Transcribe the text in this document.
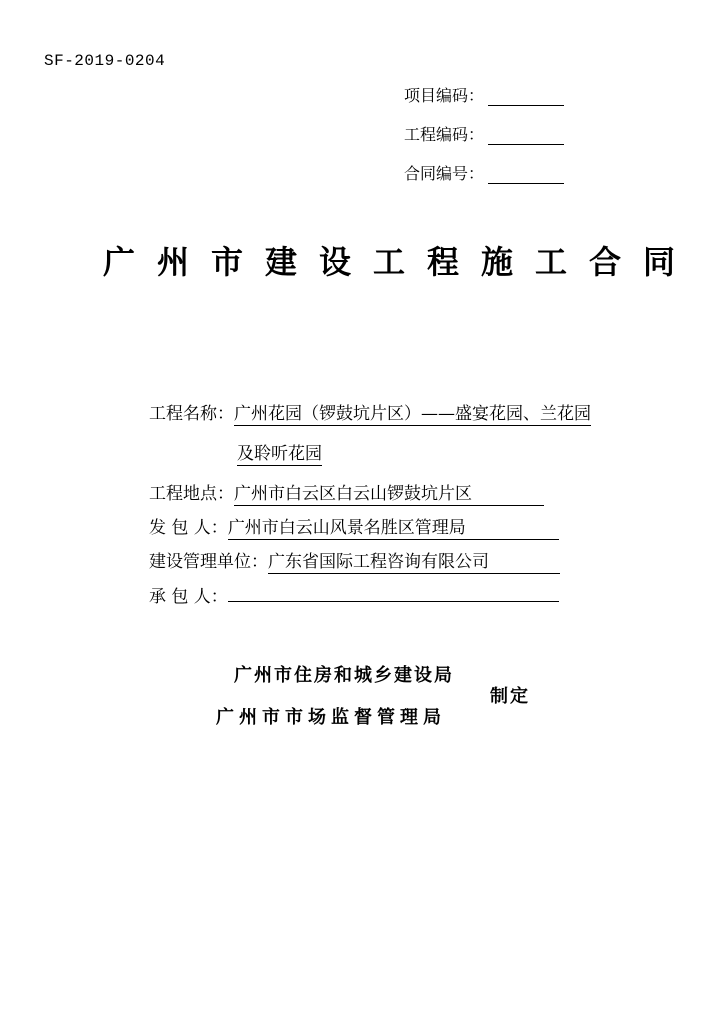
SF-2019-0204
项目编码：
工程编码：
合同编号：
广州市建设工程施工合同
工程名称：广州花园（锣鼓坑片区）——盛宴花园、兰花园
及聆听花园
工程地点：广州市白云区白云山锣鼓坑片区
发 包 人：广州市白云山风景名胜区管理局
建设管理单位：广东省国际工程咨询有限公司
承 包 人：
广州市住房和城乡建设局
广州市市场监督管理局
制定
